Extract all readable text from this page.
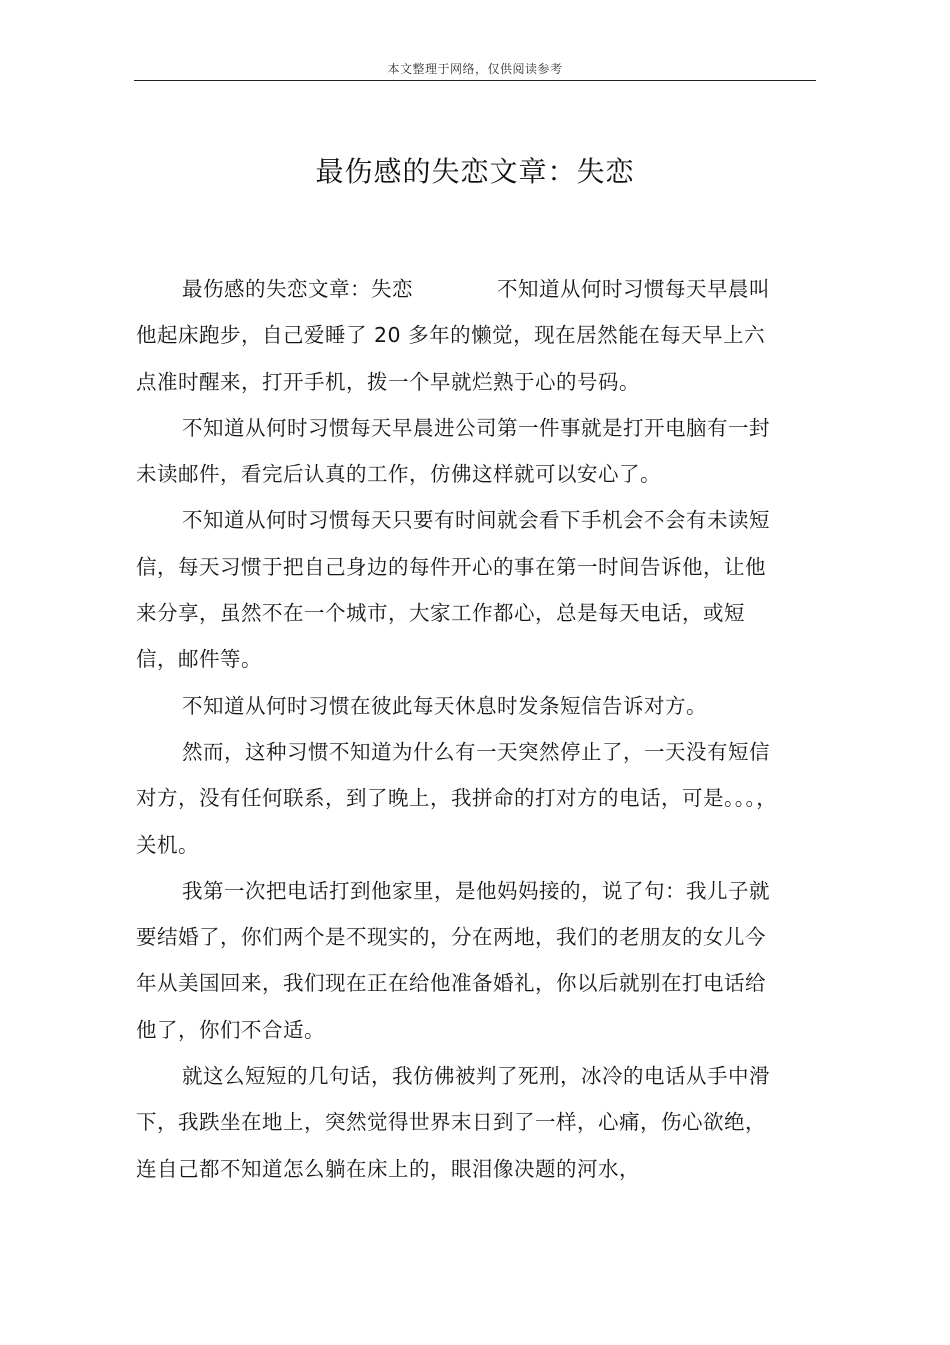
本文整理于网络，仅供阅读参考
最伤感的失恋文章：失恋

最伤感的失恋文章：失恋　　　　不知道从何时习惯每天早晨叫他起床跑步，自己爱睡了 20 多年的懒觉，现在居然能在每天早上六点准时醒来，打开手机，拨一个早就烂熟于心的号码。

不知道从何时习惯每天早晨进公司第一件事就是打开电脑有一封未读邮件，看完后认真的工作，仿佛这样就可以安心了。

不知道从何时习惯每天只要有时间就会看下手机会不会有未读短信，每天习惯于把自己身边的每件开心的事在第一时间告诉他，让他来分享，虽然不在一个城市，大家工作都心，总是每天电话，或短信，邮件等。

不知道从何时习惯在彼此每天休息时发条短信告诉对方。

然而，这种习惯不知道为什么有一天突然停止了，一天没有短信对方，没有任何联系，到了晚上，我拼命的打对方的电话，可是。。。，关机。

我第一次把电话打到他家里，是他妈妈接的，说了句：我儿子就要结婚了，你们两个是不现实的，分在两地，我们的老朋友的女儿今年从美国回来，我们现在正在给他准备婚礼，你以后就别在打电话给他了，你们不合适。

就这么短短的几句话，我仿佛被判了死刑，冰冷的电话从手中滑下，我跌坐在地上，突然觉得世界末日到了一样，心痛，伤心欲绝，连自己都不知道怎么躺在床上的，眼泪像决题的河水，
